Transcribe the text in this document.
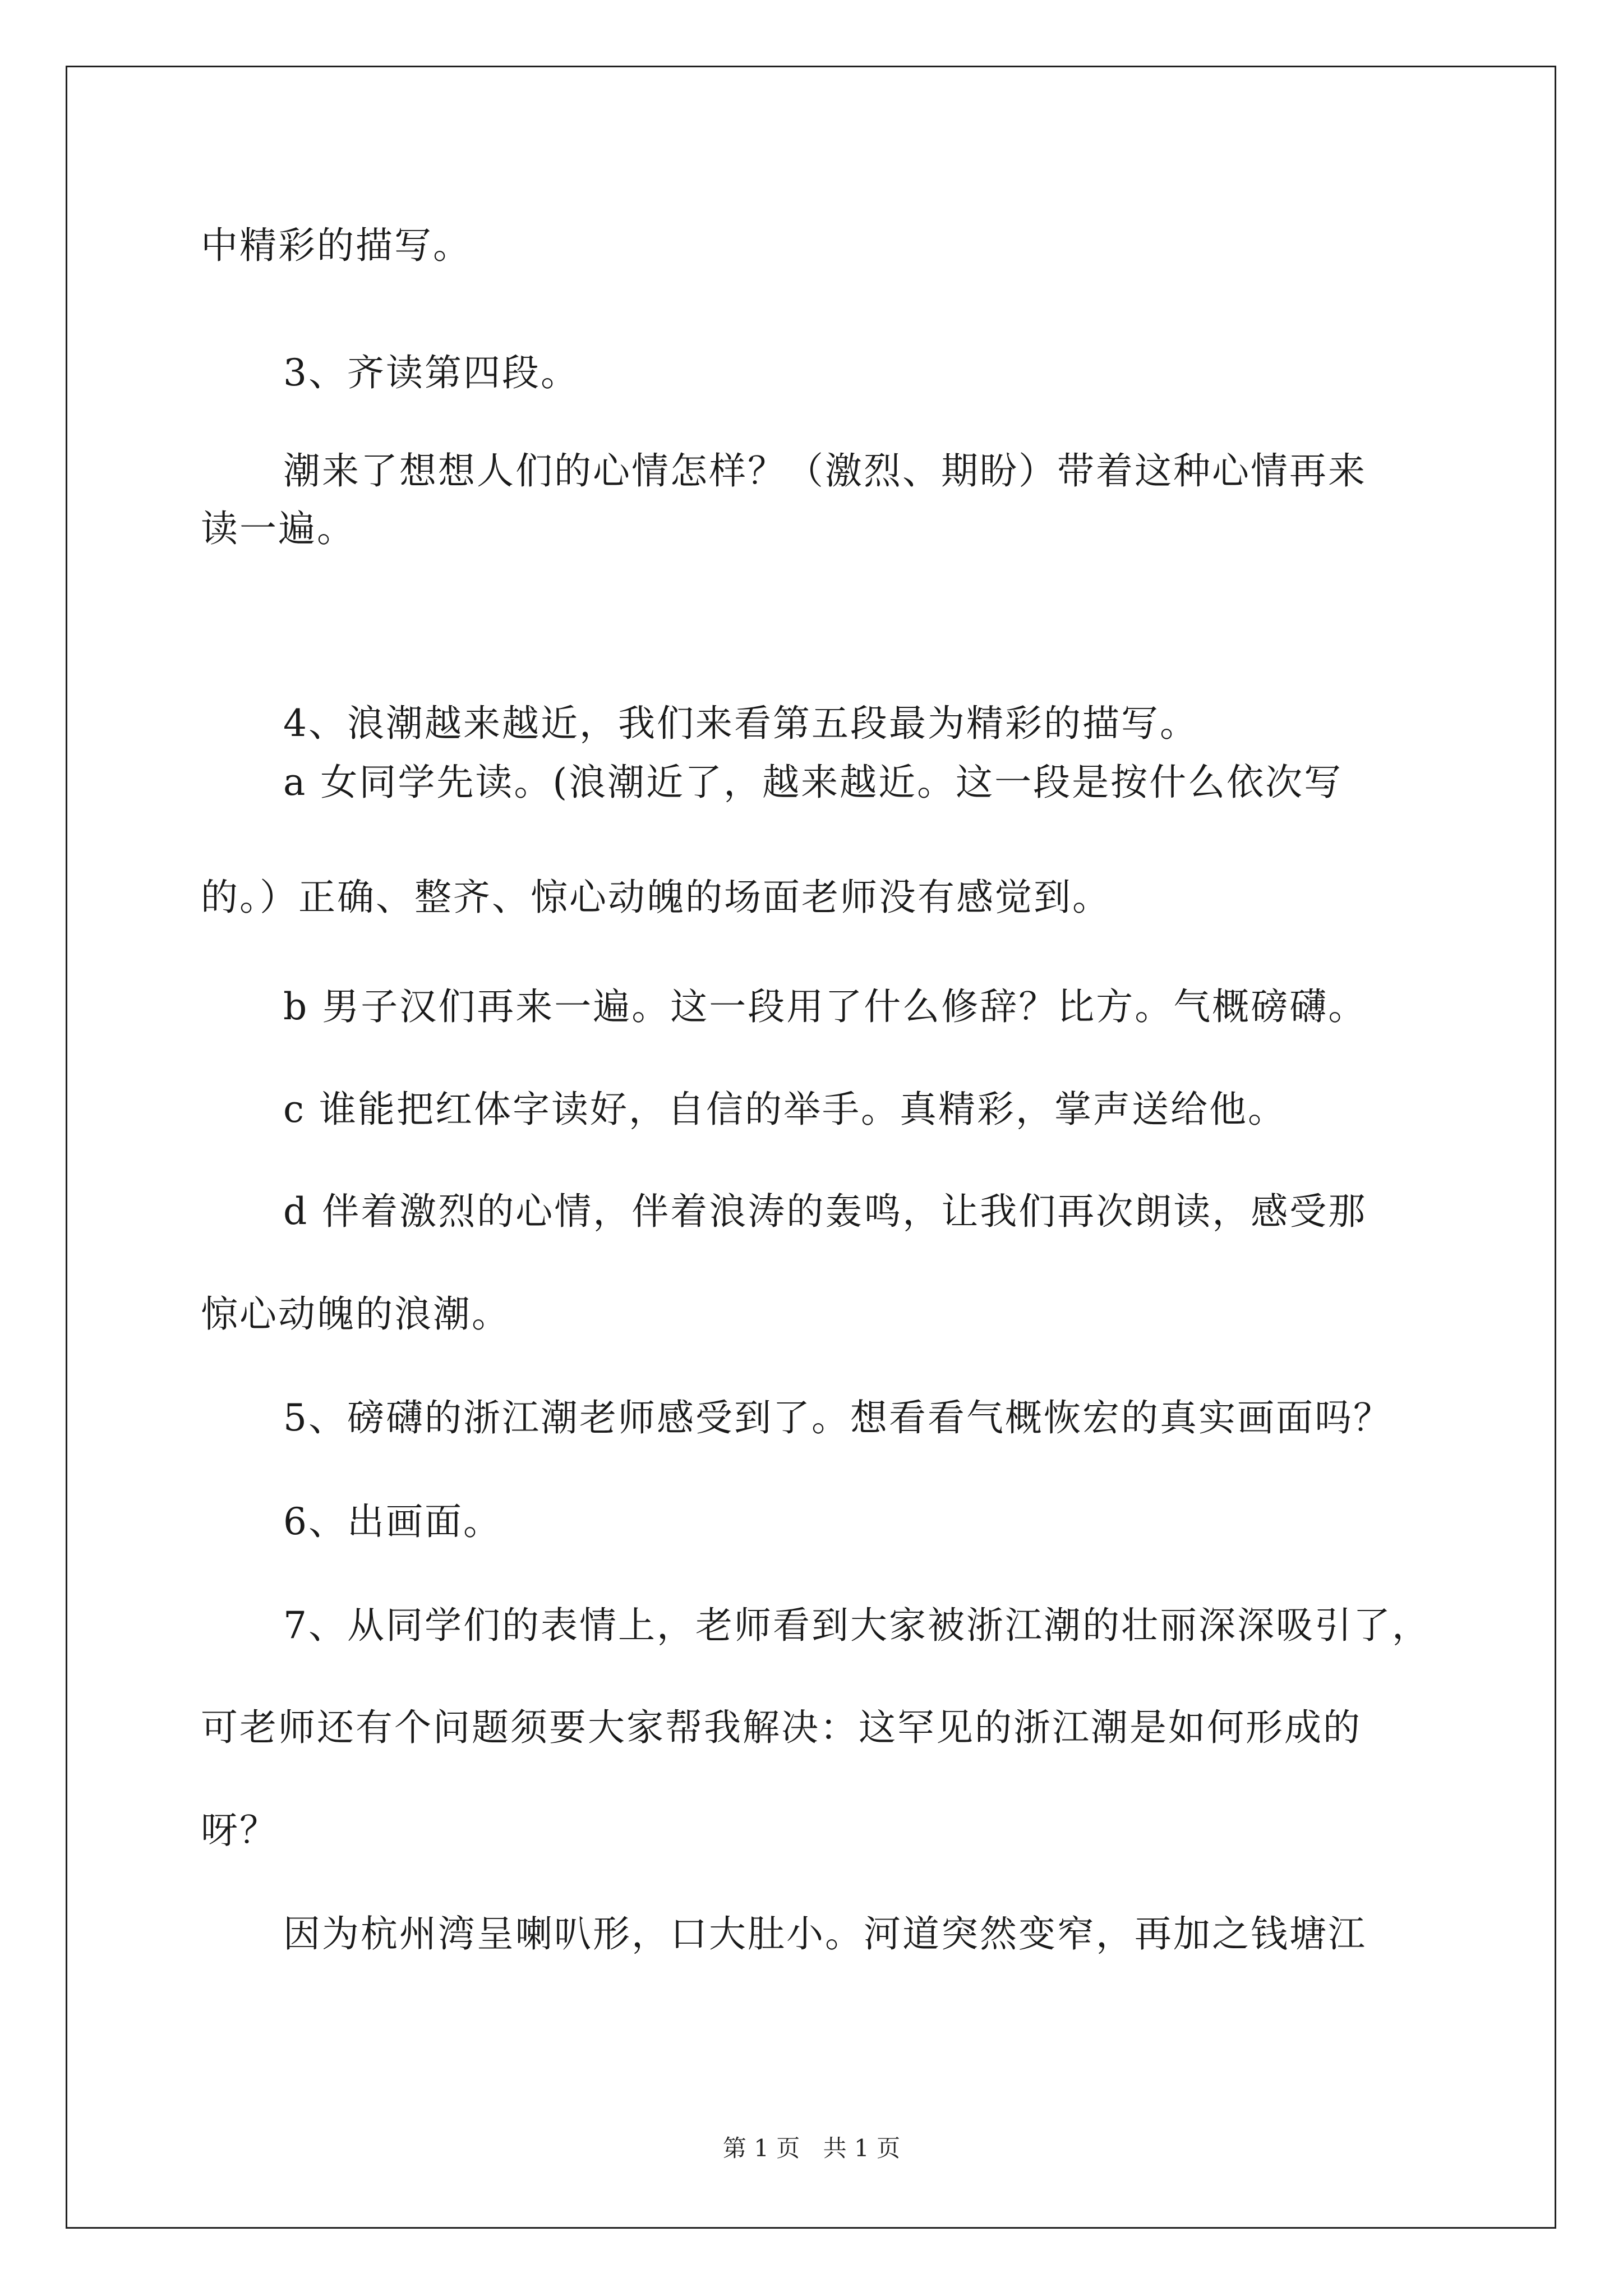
中精彩的描写。
3、齐读第四段。
潮来了想想人们的心情怎样？（激烈、期盼）带着这种心情再来
读一遍。
4、浪潮越来越近，我们来看第五段最为精彩的描写。
a 女同学先读。(浪潮近了，越来越近。这一段是按什么依次写
的。）正确、整齐、惊心动魄的场面老师没有感觉到。
b 男子汉们再来一遍。这一段用了什么修辞？比方。气概磅礴。
c 谁能把红体字读好，自信的举手。真精彩，掌声送给他。
d 伴着激烈的心情，伴着浪涛的轰鸣，让我们再次朗读，感受那
惊心动魄的浪潮。
5、磅礴的浙江潮老师感受到了。想看看气概恢宏的真实画面吗？
6、出画面。
7、从同学们的表情上，老师看到大家被浙江潮的壮丽深深吸引了，
可老师还有个问题须要大家帮我解决：这罕见的浙江潮是如何形成的
呀？
因为杭州湾呈喇叭形，口大肚小。河道突然变窄，再加之钱塘江
第 1 页 共 1 页
